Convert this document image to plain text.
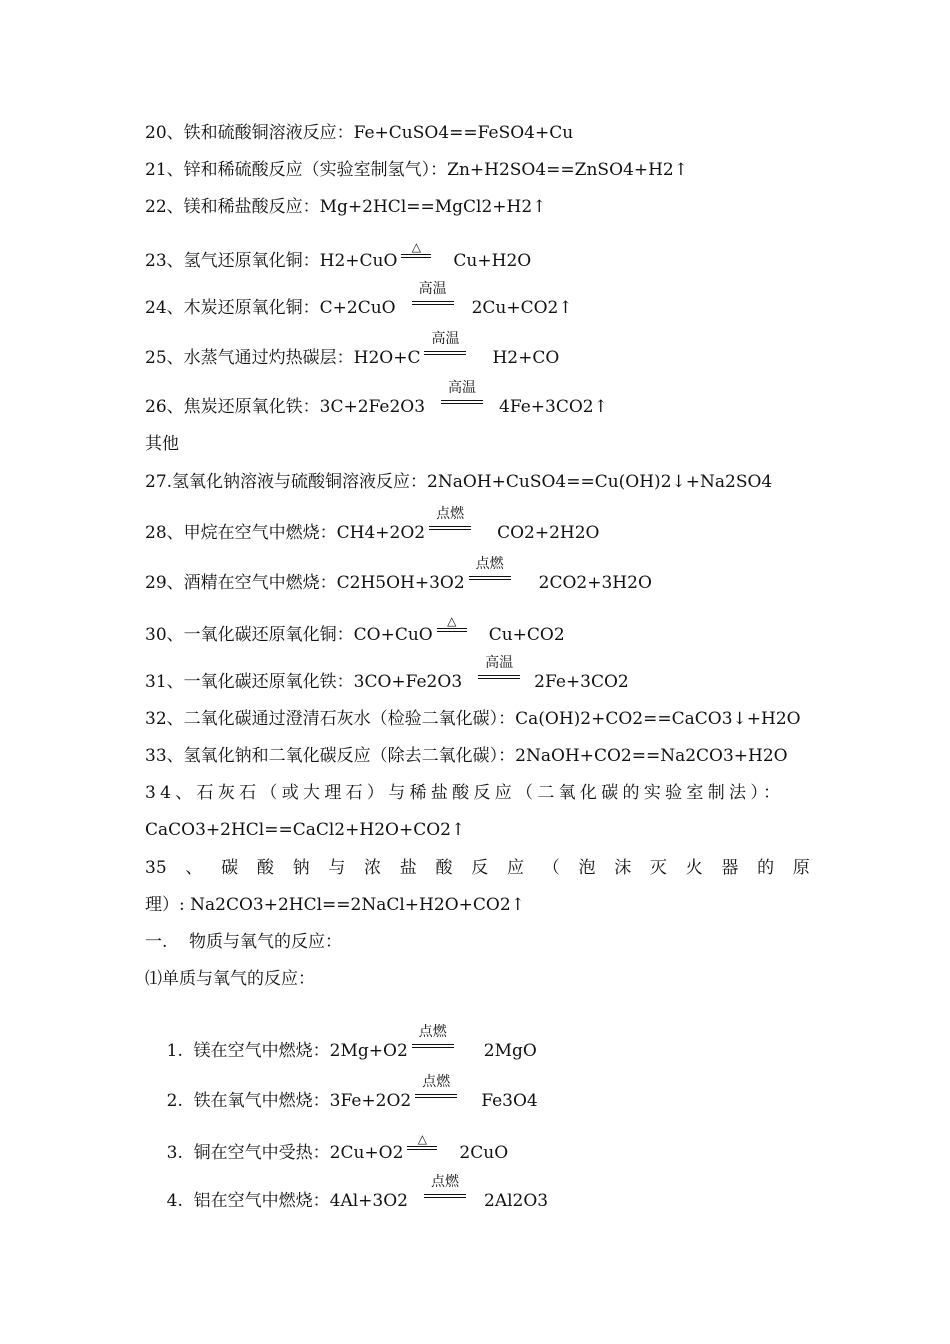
20、铁和硫酸铜溶液反应：Fe+CuSO4==FeSO4+Cu
21、锌和稀硫酸反应（实验室制氢气）：Zn+H2SO4==ZnSO4+H2↑
22、镁和稀盐酸反应：Mg+2HCl==MgCl2+H2↑
23、氢气还原氧化铜：H2+CuO
△
Cu+H2O
24、木炭还原氧化铜：C+2CuO
高温
2Cu+CO2↑
25、水蒸气通过灼热碳层：H2O+C
高温
H2+CO
26、焦炭还原氧化铁：3C+2Fe2O3
高温
4Fe+3CO2↑
其他
27.氢氧化钠溶液与硫酸铜溶液反应：2NaOH+CuSO4==Cu(OH)2↓+Na2SO4
28、甲烷在空气中燃烧：CH4+2O2
点燃
CO2+2H2O
29、酒精在空气中燃烧：C2H5OH+3O2
点燃
2CO2+3H2O
30、一氧化碳还原氧化铜：CO+CuO
△
Cu+CO2
31、一氧化碳还原氧化铁：3CO+Fe2O3
高温
2Fe+3CO2
32、二氧化碳通过澄清石灰水（检验二氧化碳）：Ca(OH)2+CO2==CaCO3↓+H2O
33、氢氧化钠和二氧化碳反应（除去二氧化碳）：2NaOH+CO2==Na2CO3+H2O
34、石灰石（或大理石）与稀盐酸反应（二氧化碳的实验室制法）：
CaCO3+2HCl==CaCl2+H2O+CO2↑
35 、 碳 酸 钠 与 浓 盐 酸 反 应 （ 泡 沫 灭 火 器 的 原
理）: Na2CO3+2HCl==2NaCl+H2O+CO2↑
一.    物质与氧气的反应：
⑴单质与氧气的反应：

1.  镁在空气中燃烧：2Mg+O2
点燃
2MgO

2.  铁在氧气中燃烧：3Fe+2O2
点燃
Fe3O4

3.  铜在空气中受热：2Cu+O2
△
2CuO

4.  铝在空气中燃烧：4Al+3O2
点燃
2Al2O3
